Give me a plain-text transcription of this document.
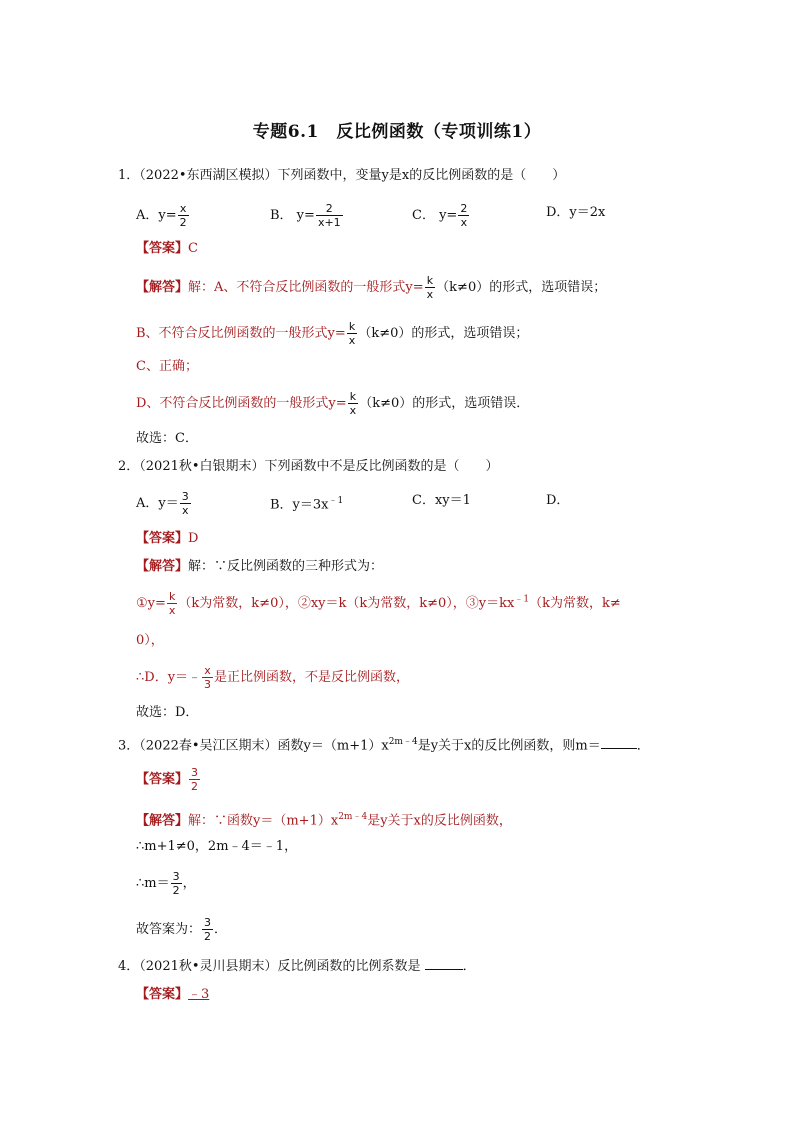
专题6.1　反比例函数（专项训练1）
1．（2022•东西湖区模拟）下列函数中，变量y是x的反比例函数的是（　　）
A．$y= \frac{x}{2}$	B． $y= \frac{2}{x+1}$	C． $y= \frac{2}{x}$	D．y＝2x
【答案】C
【解答】解：A、不符合反比例函数的一般形式$y= \frac{k}{x} (k\ne 0)$的形式，选项错误；
B、不符合反比例函数的一般形式$y= \frac{k}{x} (k\ne 0)$的形式，选项错误；
C、正确；
D、不符合反比例函数的一般形式$y= \frac{k}{x} (k\ne 0)$的形式，选项错误．
故选：C．
2．（2021秋•白银期末）下列函数中不是反比例函数的是（　　）
A．$y= \frac{3}{x}$	B．$y=3x^{﹣1}$	C．xy＝1	D．
【答案】D
【解答】解：∵反比例函数的三种形式为：
①y= $\frac{k}{x} (k$为常数，k≠0），②xy＝k（k为常数，k≠0），$③y=kx^{﹣1}(k$为常数，k≠
0），
∴D．y＝﹣ $\frac{x}{3}$ 是正比例函数，不是反比例函数，
故选：D．
3．（2022春•吴江区期末）函数$y=(m+1)x^{2m﹣4}$是y关于x的反比例函数，则m＝	．
【答案】 $\frac{3}{2}$
【解答】解：∵函数$y=(m+1)x^{2m﹣4}$是y关于x的反比例函数，
∴m+1≠0，2m﹣4＝﹣1，
∴m＝ $\frac{3}{2}$ ，
故答案为： $\frac{3}{2}$ ．
4．（2021秋•灵川县期末）反比例函数的比例系数是	．
【答案】﹣3
